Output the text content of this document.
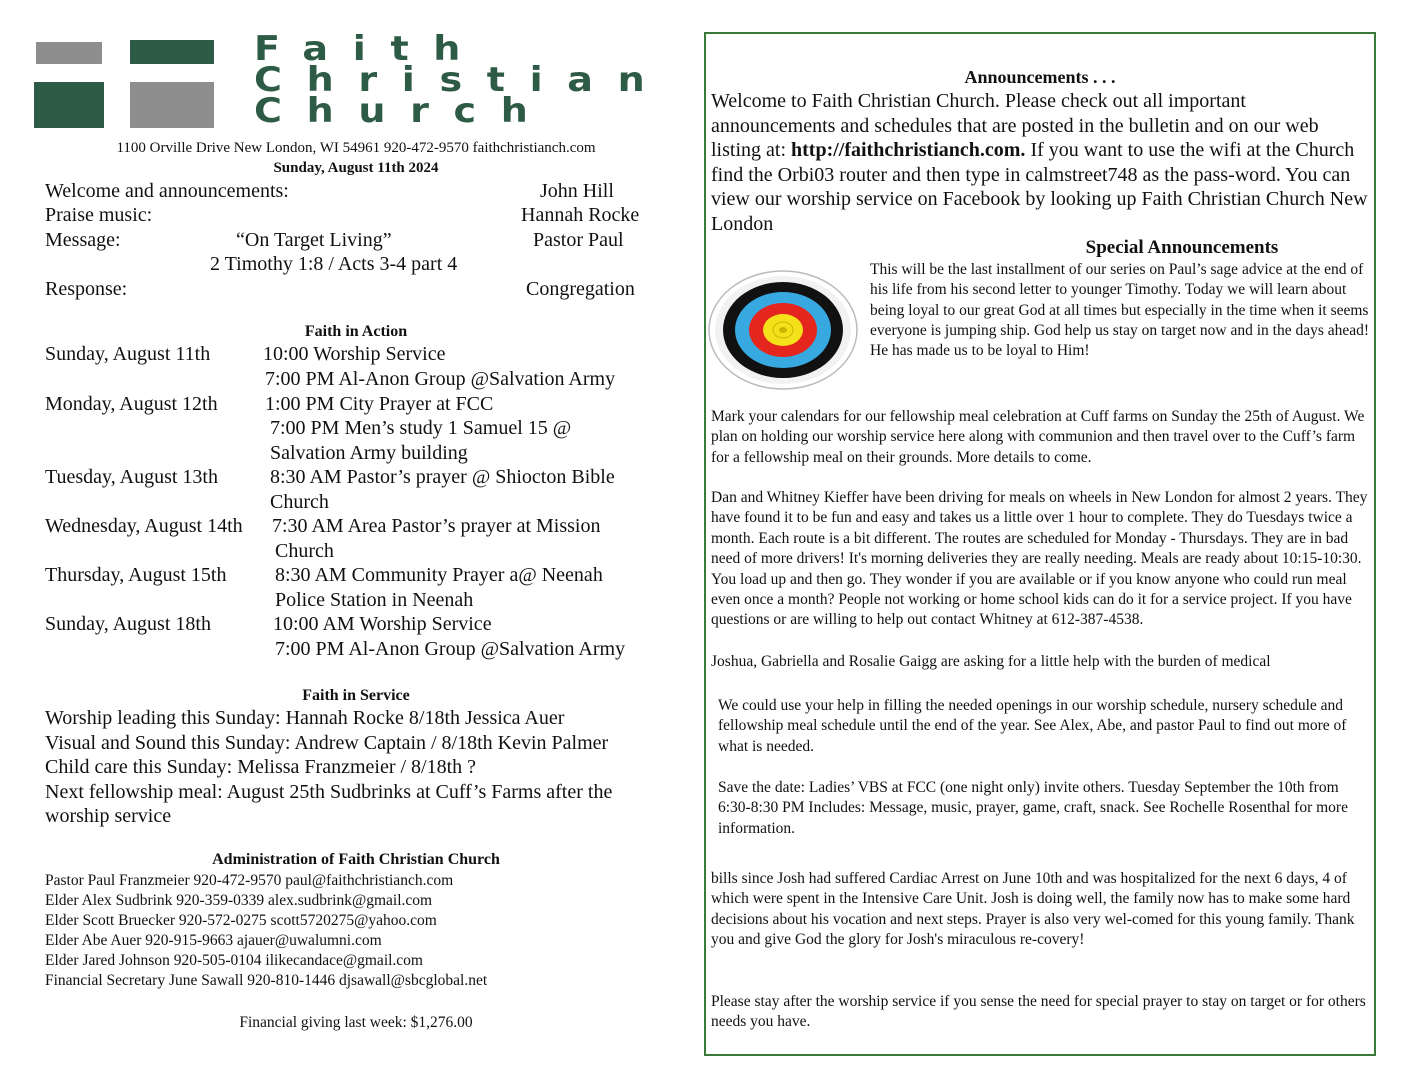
Faith
Christian
Church
1100 Orville Drive New London, WI 54961 920-472-9570 faithchristianch.com
Sunday, August 11th 2024
Welcome and announcements:	John Hill
Praise music:	Hannah Rocke
Message:	“On Target Living”	Pastor Paul
2 Timothy 1:8 / Acts 3-4 part 4
Response:	Congregation
Faith in Action
Sunday, August 11th	10:00 Worship Service
7:00 PM Al-Anon Group @Salvation Army
Monday, August 12th 1:00 PM City Prayer at FCC
7:00 PM Men’s study 1 Samuel 15 @
Salvation Army building
Tuesday, August 13th	8:30 AM Pastor’s prayer @ Shiocton Bible
Church
Wednesday, August 14th 7:30 AM Area Pastor’s prayer at Mission
Church
Thursday, August 15th 8:30 AM Community Prayer a@ Neenah
Police Station in Neenah
Sunday, August 18th	10:00 AM Worship Service
7:00 PM Al-Anon Group @Salvation Army
Faith in Service
Worship leading this Sunday: Hannah Rocke 8/18th Jessica Auer
Visual and Sound this Sunday: Andrew Captain / 8/18th Kevin Palmer
Child care this Sunday: Melissa Franzmeier / 8/18th ?
Next fellowship meal: August 25th Sudbrinks at Cuff’s Farms after the
worship service
Administration of Faith Christian Church
Pastor Paul Franzmeier 920-472-9570 paul@faithchristianch.com
Elder Alex Sudbrink 920-359-0339 alex.sudbrink@gmail.com
Elder Scott Bruecker 920-572-0275 scott5720275@yahoo.com
Elder Abe Auer 920-915-9663 ajauer@uwalumni.com
Elder Jared Johnson 920-505-0104 ilikecandace@gmail.com
Financial Secretary June Sawall 920-810-1446 djsawall@sbcglobal.net
Financial giving last week: $1,276.00
Announcements . . .
Welcome to Faith Christian Church. Please check out all important announcements and schedules that are posted in the bulletin and on our web listing at: http://faithchristianch.com. If you want to use the wifi at the Church find the Orbi03 router and then type in calmstreet748 as the pass-word. You can view our worship service on Facebook by looking up Faith Christian Church New London
Special Announcements
This will be the last installment of our series on Paul’s sage advice at the end of his life from his second letter to younger Timothy. Today we will learn about being loyal to our great God at all times but especially in the time when it seems everyone is jumping ship. God help us stay on target now and in the days ahead! He has made us to be loyal to Him!
Mark your calendars for our fellowship meal celebration at Cuff farms on Sunday the 25th of August. We plan on holding our worship service here along with communion and then travel over to the Cuff’s farm for a fellowship meal on their grounds. More details to come.
Dan and Whitney Kieffer have been driving for meals on wheels in New London for almost 2 years. They have found it to be fun and easy and takes us a little over 1 hour to complete. They do Tuesdays twice a month. Each route is a bit different. The routes are scheduled for Monday - Thursdays. They are in bad need of more drivers! It's morning deliveries they are really needing. Meals are ready about 10:15-10:30. You load up and then go. They wonder if you are available or if you know anyone who could run meal even once a month? People not working or home school kids can do it for a service project. If you have questions or are willing to help out contact Whitney at 612-387-4538.
Joshua, Gabriella and Rosalie Gaigg are asking for a little help with the burden of medical
We could use your help in filling the needed openings in our worship schedule, nursery schedule and fellowship meal schedule until the end of the year. See Alex, Abe, and pastor Paul to find out more of what is needed.
Save the date: Ladies’ VBS at FCC (one night only) invite others. Tuesday September the 10th from 6:30-8:30 PM Includes: Message, music, prayer, game, craft, snack. See Rochelle Rosenthal for more information.
bills since Josh had suffered Cardiac Arrest on June 10th and was hospitalized for the next 6 days, 4 of which were spent in the Intensive Care Unit. Josh is doing well, the family now has to make some hard decisions about his vocation and next steps. Prayer is also very wel-comed for this young family. Thank you and give God the glory for Josh's miraculous re-covery!
Please stay after the worship service if you sense the need for special prayer to stay on target or for others needs you have.
